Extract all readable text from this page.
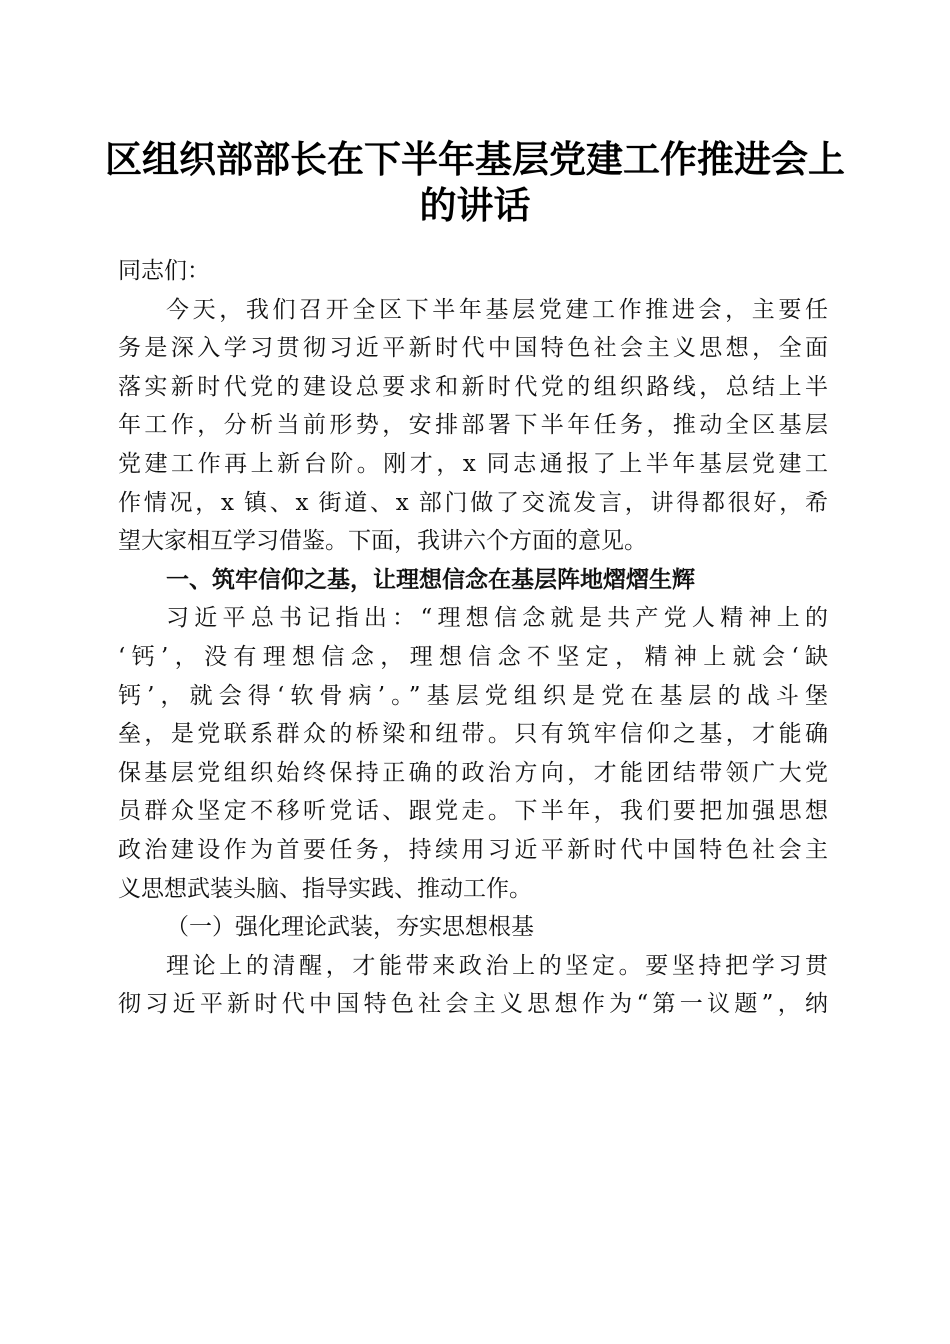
区组织部部长在下半年基层党建工作推进会上
的讲话

同志们：

今天，我们召开全区下半年基层党建工作推进会，主要任
务是深入学习贯彻习近平新时代中国特色社会主义思想，全面
落实新时代党的建设总要求和新时代党的组织路线，总结上半
年工作，分析当前形势，安排部署下半年任务，推动全区基层
党建工作再上新台阶。刚才，x 同志通报了上半年基层党建工
作情况，x 镇、x 街道、x 部门做了交流发言，讲得都很好，希
望大家相互学习借鉴。下面，我讲六个方面的意见。

一、筑牢信仰之基，让理想信念在基层阵地熠熠生辉

习近平总书记指出：“理想信念就是共产党人精神上的
‘钙’，没有理想信念，理想信念不坚定，精神上就会‘缺
钙’，就会得‘软骨病’。”基层党组织是党在基层的战斗堡
垒，是党联系群众的桥梁和纽带。只有筑牢信仰之基，才能确
保基层党组织始终保持正确的政治方向，才能团结带领广大党
员群众坚定不移听党话、跟党走。下半年，我们要把加强思想
政治建设作为首要任务，持续用习近平新时代中国特色社会主
义思想武装头脑、指导实践、推动工作。

（一）强化理论武装，夯实思想根基

理论上的清醒，才能带来政治上的坚定。要坚持把学习贯
彻习近平新时代中国特色社会主义思想作为“第一议题”，纳
